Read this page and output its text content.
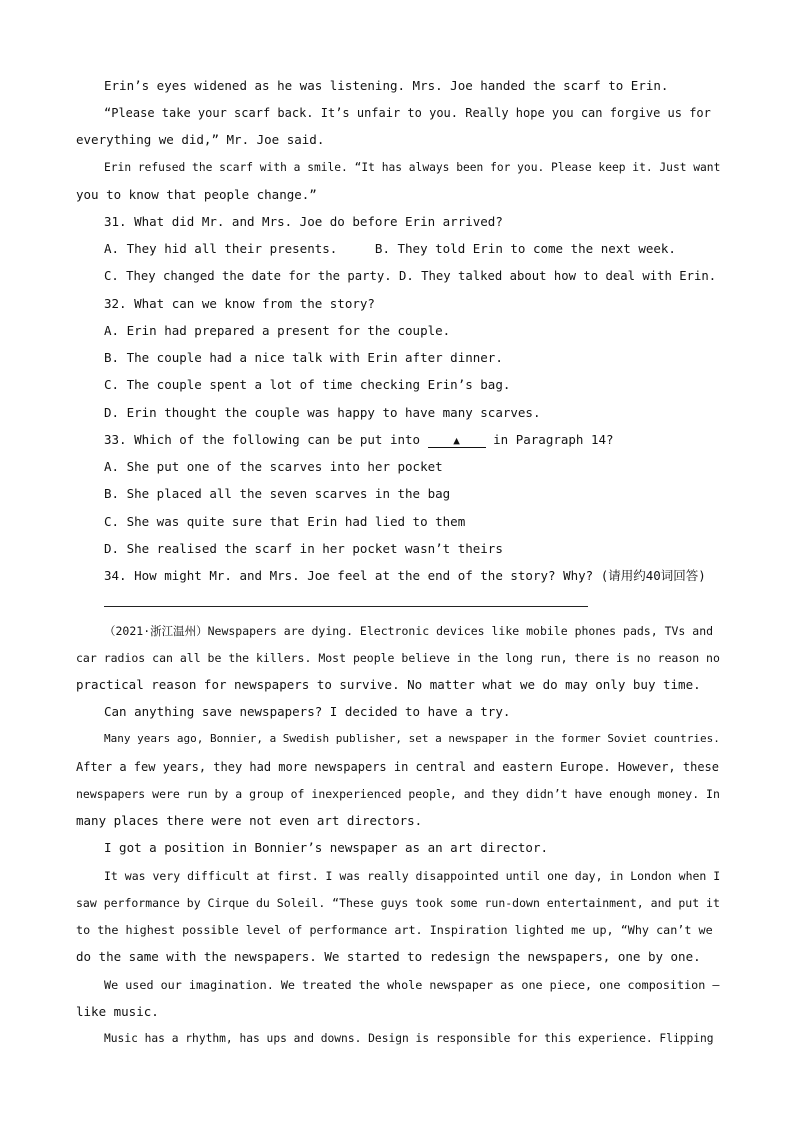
Erin’s eyes widened as he was listening. Mrs. Joe handed the scarf to Erin.
“Please take your scarf back. It’s unfair to you. Really hope you can forgive us for
everything we did,” Mr. Joe said.
Erin refused the scarf with a smile. “It has always been for you. Please keep it. Just want
you to know that people change.”
31. What did Mr. and Mrs. Joe do before Erin arrived?
A. They hid all their presents.     B. They told Erin to come the next week.
C. They changed the date for the party. D. They talked about how to deal with Erin.
32. What can we know from the story?
A. Erin had prepared a present for the couple.
B. The couple had a nice talk with Erin after dinner.
C. The couple spent a lot of time checking Erin’s bag.
D. Erin thought the couple was happy to have many scarves.
33. Which of the following can be put into ▲ in Paragraph 14?
A. She put one of the scarves into her pocket
B. She placed all the seven scarves in the bag
C. She was quite sure that Erin had lied to them
D. She realised the scarf in her pocket wasn’t theirs
34. How might Mr. and Mrs. Joe feel at the end of the story? Why? (请用约40词回答)
（2021·浙江温州）Newspapers are dying. Electronic devices like mobile phones pads, TVs and
car radios can all be the killers. Most people believe in the long run, there is no reason no
practical reason for newspapers to survive. No matter what we do may only buy time.
Can anything save newspapers? I decided to have a try.
Many years ago, Bonnier, a Swedish publisher, set a newspaper in the former Soviet countries.
After a few years, they had more newspapers in central and eastern Europe. However, these
newspapers were run by a group of inexperienced people, and they didn’t have enough money. In
many places there were not even art directors.
I got a position in Bonnier’s newspaper as an art director.
It was very difficult at first. I was really disappointed until one day, in London when I
saw performance by Cirque du Soleil. “These guys took some run-down entertainment, and put it
to the highest possible level of performance art. Inspiration lighted me up, “Why can’t we
do the same with the newspapers. We started to redesign the newspapers, one by one.
We used our imagination. We treated the whole newspaper as one piece, one composition —
like music.
Music has a rhythm, has ups and downs. Design is responsible for this experience. Flipping
